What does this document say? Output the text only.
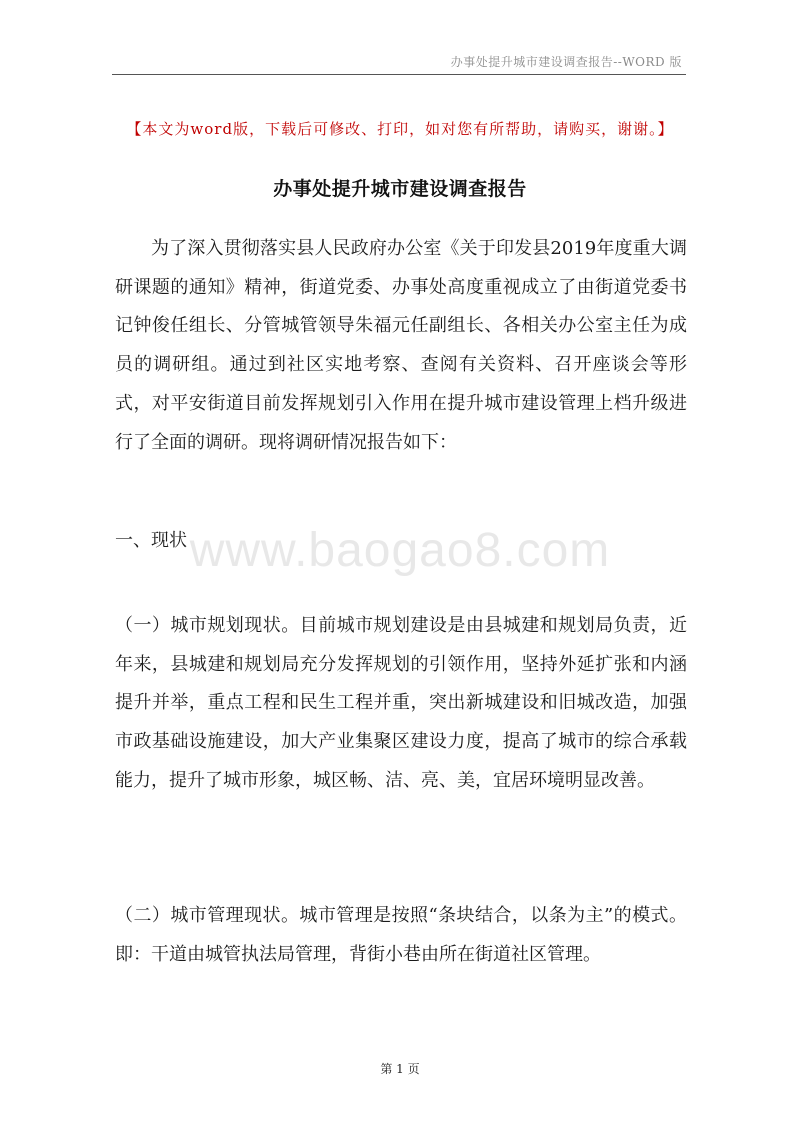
办事处提升城市建设调查报告--WORD 版
【本文为word版，下载后可修改、打印，如对您有所帮助，请购买，谢谢。】
办事处提升城市建设调查报告

为了深入贯彻落实县人民政府办公室《关于印发县2019年度重大调研课题的通知》精神，街道党委、办事处高度重视成立了由街道党委书记钟俊任组长、分管城管领导朱福元任副组长、各相关办公室主任为成员的调研组。通过到社区实地考察、查阅有关资料、召开座谈会等形式，对平安街道目前发挥规划引入作用在提升城市建设管理上档升级进行了全面的调研。现将调研情况报告如下：

一、现状 www.baogao8.com

（一）城市规划现状。目前城市规划建设是由县城建和规划局负责，近年来，县城建和规划局充分发挥规划的引领作用，坚持外延扩张和内涵提升并举，重点工程和民生工程并重，突出新城建设和旧城改造，加强市政基础设施建设，加大产业集聚区建设力度，提高了城市的综合承载能力，提升了城市形象，城区畅、洁、亮、美，宜居环境明显改善。

（二）城市管理现状。城市管理是按照“条块结合，以条为主”的模式。即：干道由城管执法局管理，背街小巷由所在街道社区管理。

第 1 页
